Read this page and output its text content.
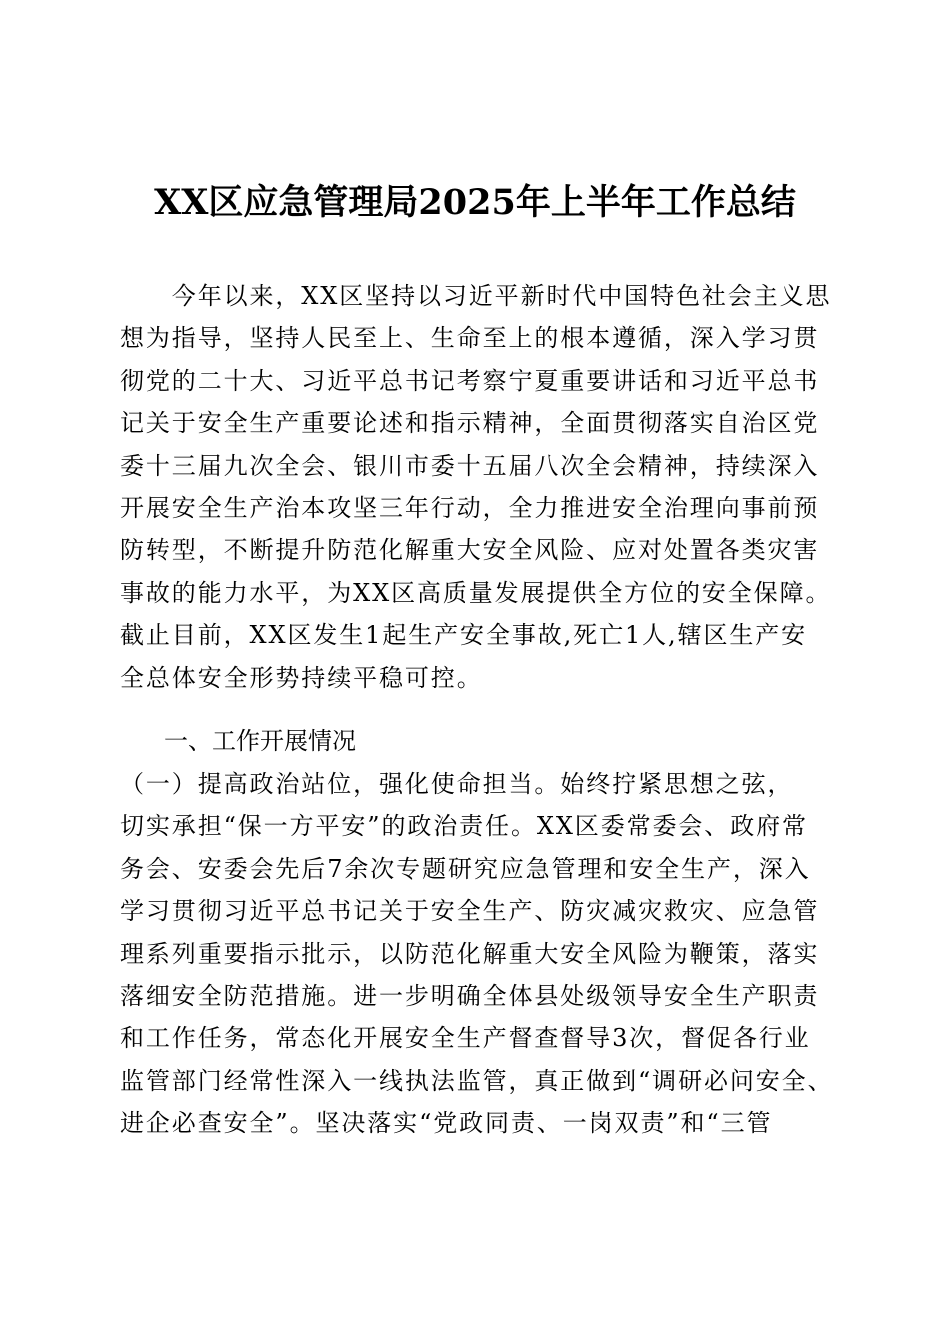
XX区应急管理局2025年上半年工作总结
　　今年以来，XX区坚持以习近平新时代中国特色社会主义思
想为指导，坚持人民至上、生命至上的根本遵循，深入学习贯
彻党的二十大、习近平总书记考察宁夏重要讲话和习近平总书
记关于安全生产重要论述和指示精神，全面贯彻落实自治区党
委十三届九次全会、银川市委十五届八次全会精神，持续深入
开展安全生产治本攻坚三年行动，全力推进安全治理向事前预
防转型，不断提升防范化解重大安全风险、应对处置各类灾害
事故的能力水平，为XX区高质量发展提供全方位的安全保障。
截止目前，XX区发生1起生产安全事故,死亡1人,辖区生产安
全总体安全形势持续平稳可控。
一、工作开展情况
（一）提高政治站位，强化使命担当。始终拧紧思想之弦，
切实承担“保一方平安”的政治责任。XX区委常委会、政府常
务会、安委会先后7余次专题研究应急管理和安全生产，深入
学习贯彻习近平总书记关于安全生产、防灾减灾救灾、应急管
理系列重要指示批示，以防范化解重大安全风险为鞭策，落实
落细安全防范措施。进一步明确全体县处级领导安全生产职责
和工作任务，常态化开展安全生产督查督导3次，督促各行业
监管部门经常性深入一线执法监管，真正做到“调研必问安全、
进企必查安全”。坚决落实“党政同责、一岗双责”和“三管
